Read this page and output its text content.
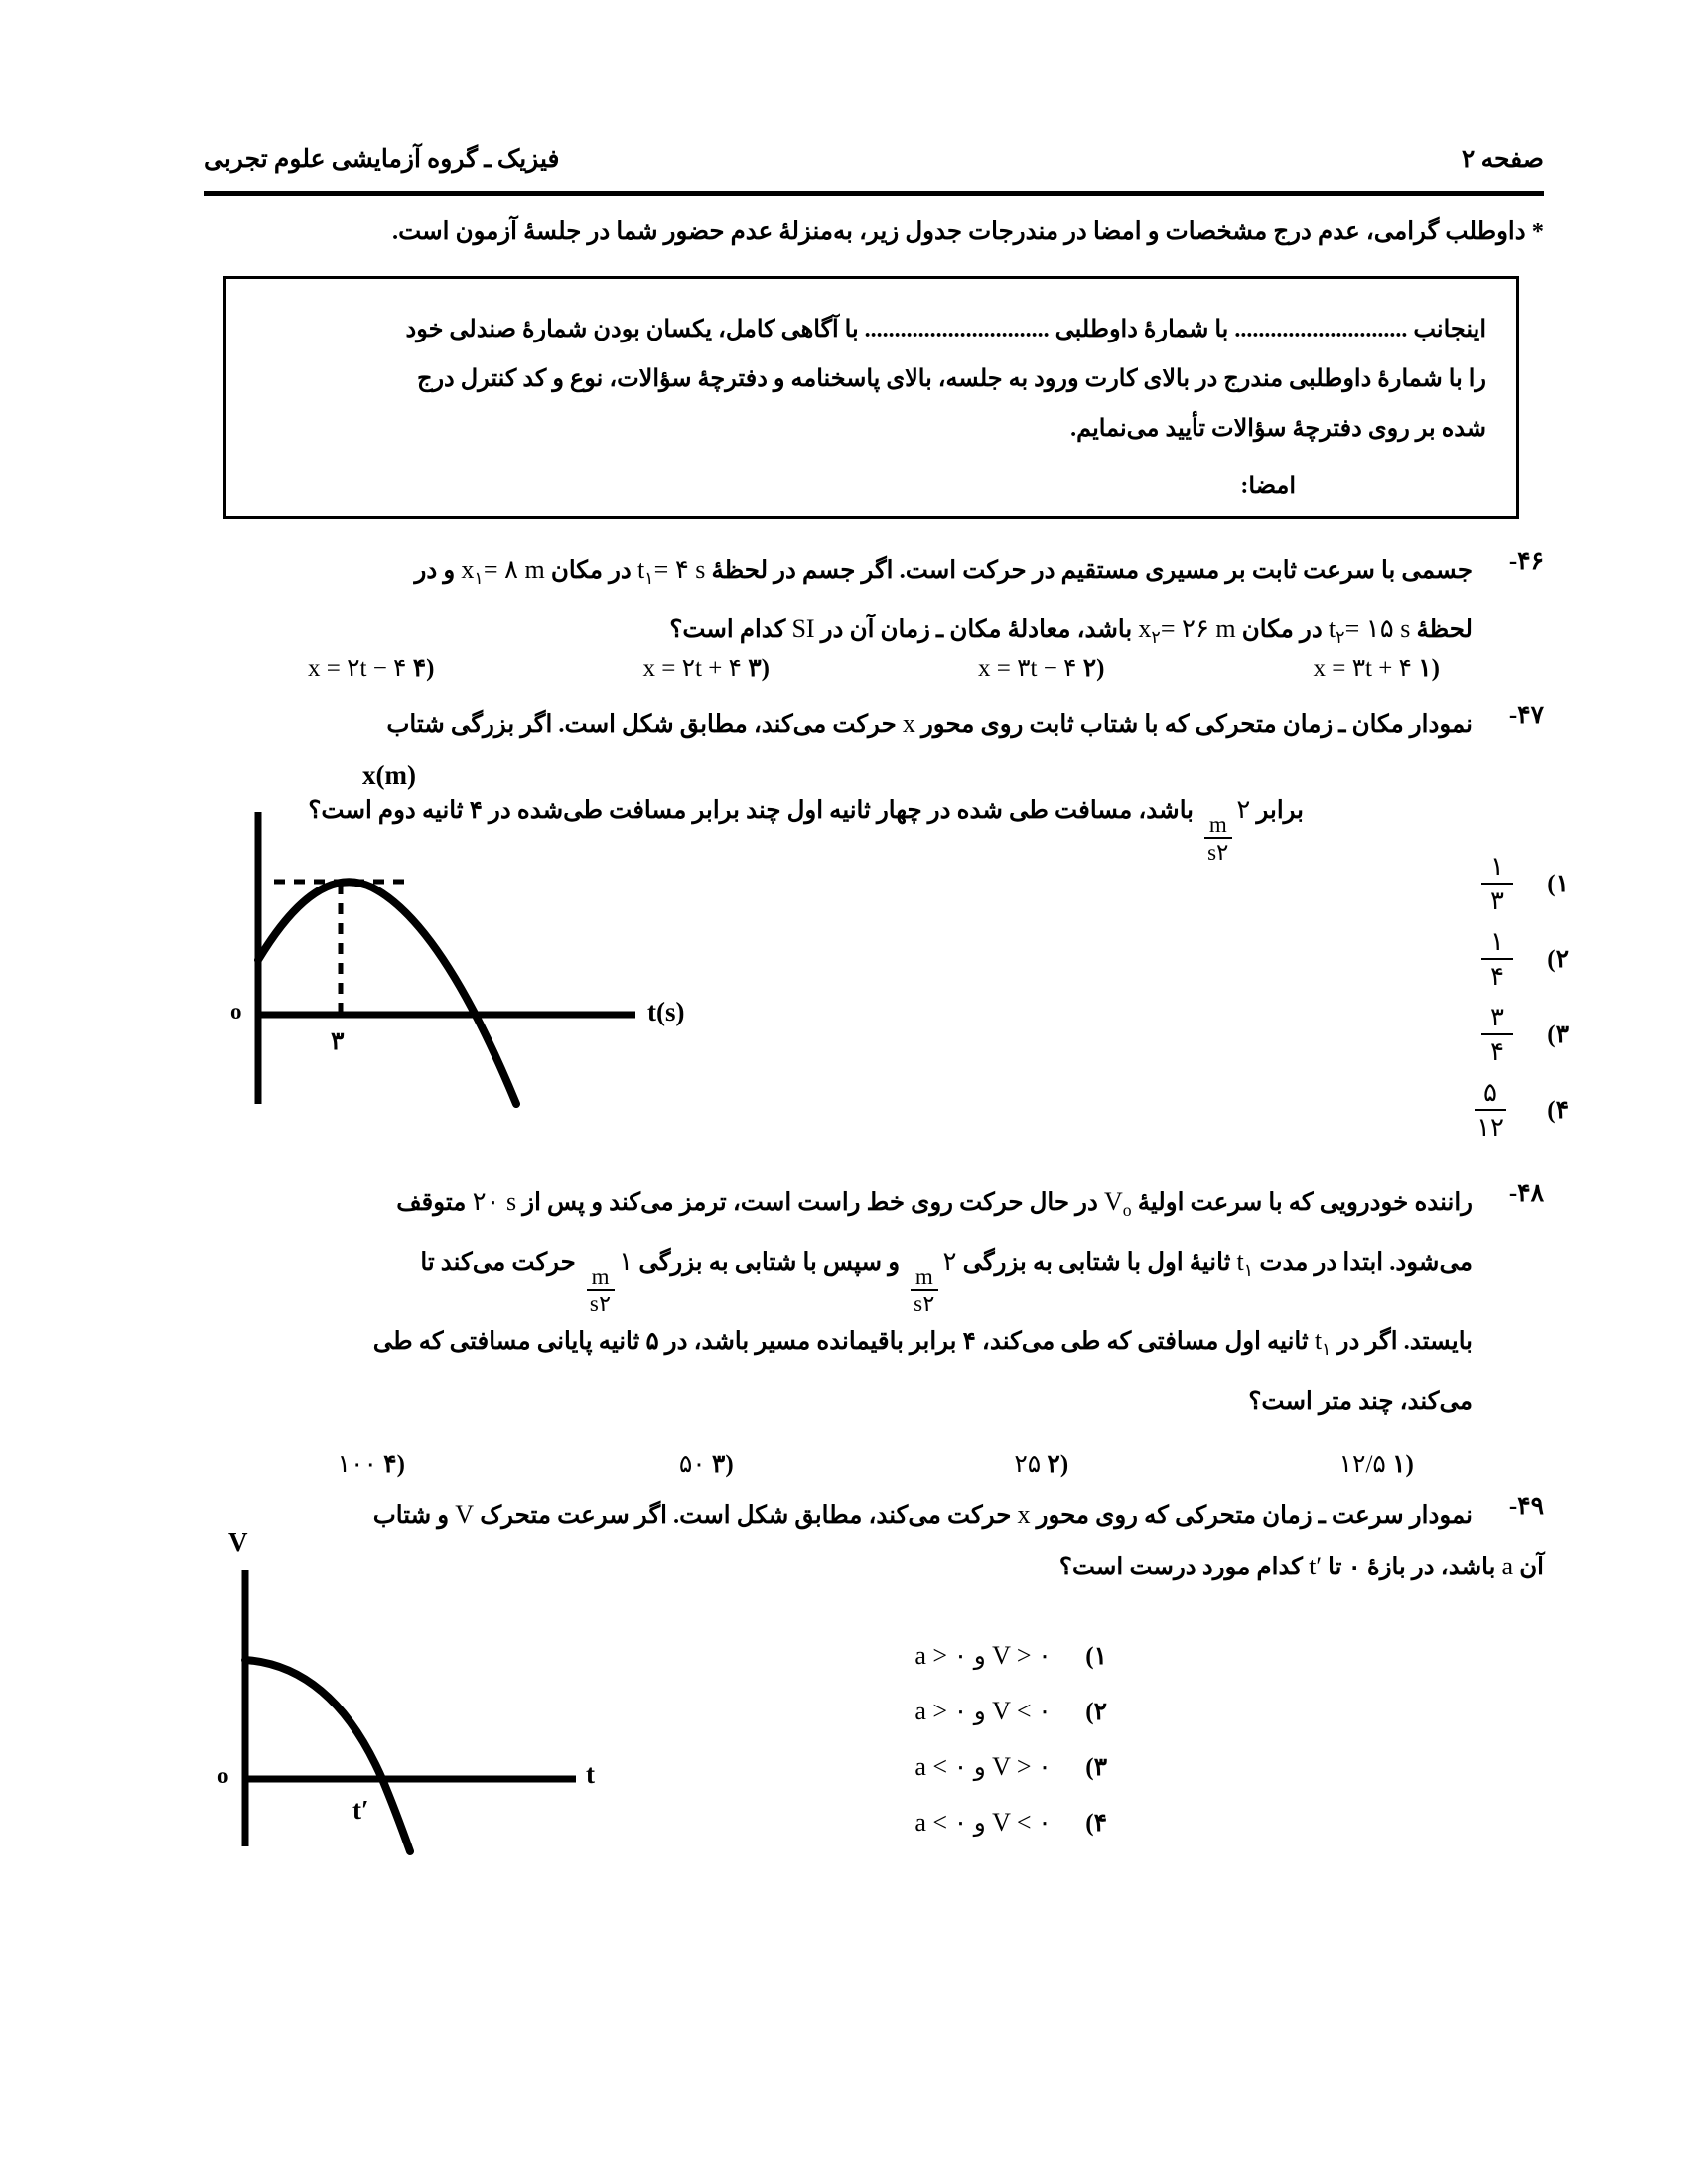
فیزیک ـ گروه آزمایشی علوم تجربی	صفحه ۲
* داوطلب گرامی، عدم درج مشخصات و امضا در مندرجات جدول زیر، به‌منزلۀ عدم حضور شما در جلسۀ آزمون است.
اینجانب ............................. با شمارۀ داوطلبی ............................... با آگاهی کامل، یکسان بودن شمارۀ صندلی خود
را با شمارۀ داوطلبی مندرج در بالای کارت ورود به جلسه، بالای پاسخنامه و دفترچۀ سؤالات، نوع و کد کنترل درج
شده بر روی دفترچۀ سؤالات تأیید می‌نمایم.
امضا:
۴۶-
جسمی با سرعت ثابت بر مسیری مستقیم در حرکت است. اگر جسم در لحظۀ $t_۱=$ ۴ s در مکان $x_۱=$ ۸ m و در
لحظۀ $t_۲=$ ۱۵ s در مکان $x_۲=$ ۲۶ m باشد، معادلۀ مکان ـ زمان آن در SI کدام است؟
x = ۳t + ۴ ۱)
x = ۳t − ۴ ۲)
x = ۲t + ۴ ۳)
x = ۲t − ۴ ۴)
۴۷-
نمودار مکان ـ زمان متحرکی که با شتاب ثابت روی محور x حرکت می‌کند، مطابق شکل است. اگر بزرگی شتاب
برابر
$\frac{m}{s۲}$
۲ باشد، مسافت طی شده در چهار ثانیه اول چند برابر مسافت طی‌شده در ۴ ثانیه دوم است؟
x(m)
t(s)
o
۳
۱)
$\frac{۱}{۳}$
۲)
$\frac{۱}{۴}$
۳)
$\frac{۳}{۴}$
۴)
$\frac{۵}{۱۲}$
۴۸-
راننده خودرویی که با سرعت اولیۀ $V_o$ در حال حرکت روی خط راست است، ترمز می‌کند و پس از ۲۰ s متوقف
می‌شود. ابتدا در مدت $t_۱$ ثانیۀ اول با شتابی به بزرگی
$\frac{m}{s۲}$
۲ و سپس با شتابی به بزرگی
$\frac{m}{s۲}$
۱ حرکت می‌کند تا
بایستد. اگر در $t_۱$ ثانیه اول مسافتی که طی می‌کند، ۴ برابر باقیمانده مسیر باشد، در ۵ ثانیه پایانی مسافتی که طی
می‌کند، چند متر است؟
۱۲/۵ ۱)
۲۵ ۲)
۵۰ ۳)
۱۰۰ ۴)
۴۹-
نمودار سرعت ـ زمان متحرکی که روی محور x حرکت می‌کند، مطابق شکل است. اگر سرعت متحرک V و شتاب
آن a باشد، در بازۀ ۰ تا t′ کدام مورد درست است؟
V
t
o
t′
۱)
V > ۰ و a > ۰
۲)
V < ۰ و a > ۰
۳)
V > ۰ و a < ۰
۴)
V < ۰ و a < ۰
